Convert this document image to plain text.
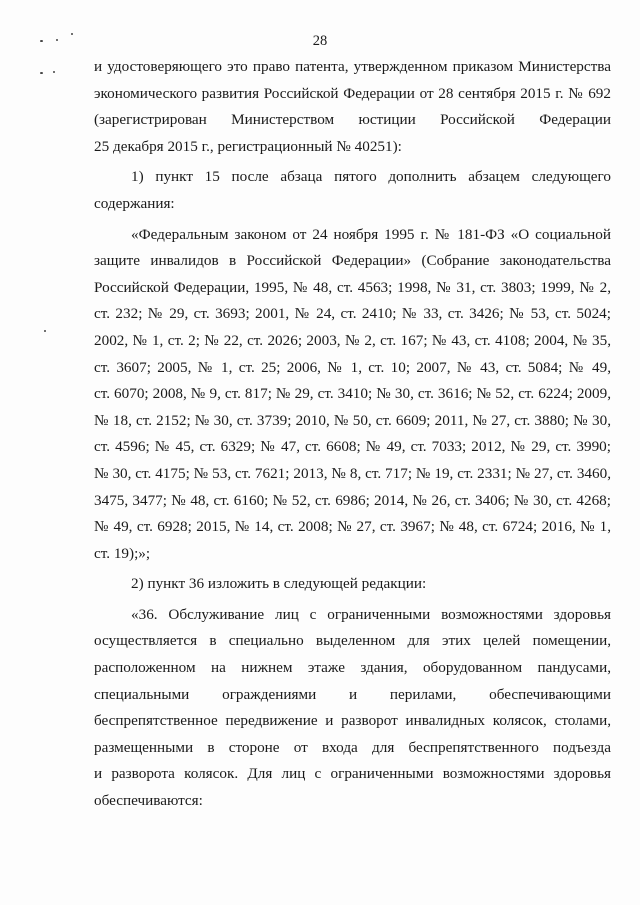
28

и удостоверяющего это право патента, утвержденном приказом Министерства
экономического развития Российской Федерации от 28 сентября 2015 г. № 692
(зарегистрирован Министерством юстиции Российской Федерации
25 декабря 2015 г., регистрационный № 40251):

1) пункт 15 после абзаца пятого дополнить абзацем следующего
содержания:

«Федеральным законом от 24 ноября 1995 г. № 181-ФЗ «О социальной
защите инвалидов в Российской Федерации» (Собрание законодательства
Российской Федерации, 1995, № 48, ст. 4563; 1998, № 31, ст. 3803; 1999, № 2,
ст. 232; № 29, ст. 3693; 2001, № 24, ст. 2410; № 33, ст. 3426; № 53, ст. 5024;
2002, № 1, ст. 2; № 22, ст. 2026; 2003, № 2, ст. 167; № 43, ст. 4108; 2004, № 35,
ст. 3607; 2005, № 1, ст. 25; 2006, № 1, ст. 10; 2007, № 43, ст. 5084; № 49,
ст. 6070; 2008, № 9, ст. 817; № 29, ст. 3410; № 30, ст. 3616; № 52, ст. 6224; 2009,
№ 18, ст. 2152; № 30, ст. 3739; 2010, № 50, ст. 6609; 2011, № 27, ст. 3880; № 30,
ст. 4596; № 45, ст. 6329; № 47, ст. 6608; № 49, ст. 7033; 2012, № 29, ст. 3990;
№ 30, ст. 4175; № 53, ст. 7621; 2013, № 8, ст. 717; № 19, ст. 2331; № 27, ст. 3460,
3475, 3477; № 48, ст. 6160; № 52, ст. 6986; 2014, № 26, ст. 3406; № 30, ст. 4268;
№ 49, ст. 6928; 2015, № 14, ст. 2008; № 27, ст. 3967; № 48, ст. 6724; 2016, № 1,
ст. 19);»;

2) пункт 36 изложить в следующей редакции:

«36. Обслуживание лиц с ограниченными возможностями здоровья
осуществляется в специально выделенном для этих целей помещении,
расположенном на нижнем этаже здания, оборудованном пандусами,
специальными ограждениями и перилами, обеспечивающими
беспрепятственное передвижение и разворот инвалидных колясок, столами,
размещенными в стороне от входа для беспрепятственного подъезда
и разворота колясок. Для лиц с ограниченными возможностями здоровья
обеспечиваются:
